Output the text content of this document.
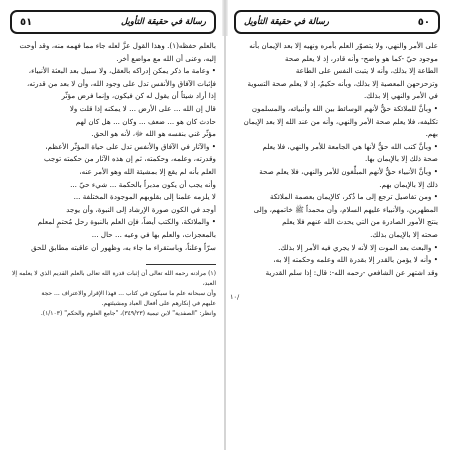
رسالة في حقيقة التأويل
٥١	٥٠
رسالة في حقيقة التأويل

بالعلم حفظه(١). وهذا القول عزَّ لعله جاء مما فهمه منه، وقد أوحت

إليه، وعنى أن الله مع مواضع أخر.

• وعامة ما ذكر يمكن إدراكه بالعقل، ولا سبيل بعد البعثة الأنبياء،

فإثبات الآفاق والأنفس تدل على وجود الله، وأن لا بعد من قدرته،

إذا أراد شيئاً أن يقول له كن فيكون، وإنما فرض مؤثّر

قال إن الله ... على الأرض ... لا يمكنه إذا قلت ولا

حادث كان هو ... ضعف ... وكان ... هل كان لهم

مؤثّر غني بنفسه هو الله ﷻ، لأنه هو الحق.

• والآثار في الآفاق والأنفس تدل على حياة المؤثّر الأعظم،

وقدرته، وعلمه، وحكمته، ثم إن هذه الآثار من حكمته توجب

العلم بأنه لم يقع إلا بمشيئة الله وهو الأمر عنه،

وأنه يجب أن يكون مدبراً بالحكمة ... شيء حيّ ...

لا يلزمه علمنا إلى بقلوبهم الموجودة المختلفة ...

أوجد في الكون صورة الإرشاد إلى النبوة، وأن يوجد

• والملائكة، والكتب أيضاً، فإن العلم بالنبوة رحل مُحتمٍ لمعلم

بالمعجزات، والعلم بها في وعيه ... حال ...

سرّاً وعلناً، وباستقراء ما جاء به، وظهور أن عاقبته مطابق للحق

(١) مرادنه رحمه الله تعالى أن إثبات قدرة الله تعالى بالعلم القديم الذي لا يعلمه إلا العبد،

وأن سبحانه علم ما سيكون في كتاب ... فهذا الإقرار والاعتراف ... حجة

عليهم في إنكارهم على أفعال العباد ومشيئتهم.

وانظر: "الصفدية" لابن تيمية (٣٤٩/٢٣)، "جامع العلوم والحكم" (١/١٠٣).

١٠/

على الأمر والنهي، ولا يتصوّر العلم بأمره ونهيه إلا بعد الإيمان بأنه

موجود حيّ -كما هو واضح- وأنه قادر، إذ لا يعلم صحة

الطاعة إلا بذلك، وأنه لا يتبت النفس على الطاعة

وتزحزحهن المعصية إلا بذلك، وبأنه حكيمٌ، إذ لا يعلم صحة التسوية

في الأمر والنهي إلا بذلك.

• وبأنَّ للملائكة حقٌّ لأنهم الوسائط بين الله وأنبيائه، والمسلمون

تكليفه، فلا يعلم صحة الأمر والنهي، وأنه من عند الله إلا بعد الإيمان

بهم.

• وبأنَّ كتب الله حقٌّ لأنها هي الجامعة للأمر والنهي، فلا يعلم

صحة ذلك إلا بالإيمان بها.

• وبأنَّ الأنبياء حقٌّ لأنهم المبلِّغون للأمر والنهي، فلا يعلم صحة

ذلك إلا بالإيمان بهم.

• ومن تفاصيل ترجع إلى ما ذُكر، كالإيمان بعصمة الملائكة

المطهرين، والأنبياء عليهم السلام، وأن محمداً ﷺ خاتمهم، وإلى

ينتج الأمور الصادرة من التي يحدث الله عنهم فلا يعلم

صحته إلا بالإيمان بذلك.

• والبعث بعد الموت إلا لأنه لا يجري فيه الأمر إلا بذلك.

• وأنه لا يؤمن بالقدر إلا بقدرة الله وعلمه وحكمته إلا به،

وقد اشتهر عن الشافعي -رحمه الله-: قال: إذا سلم القدرية
